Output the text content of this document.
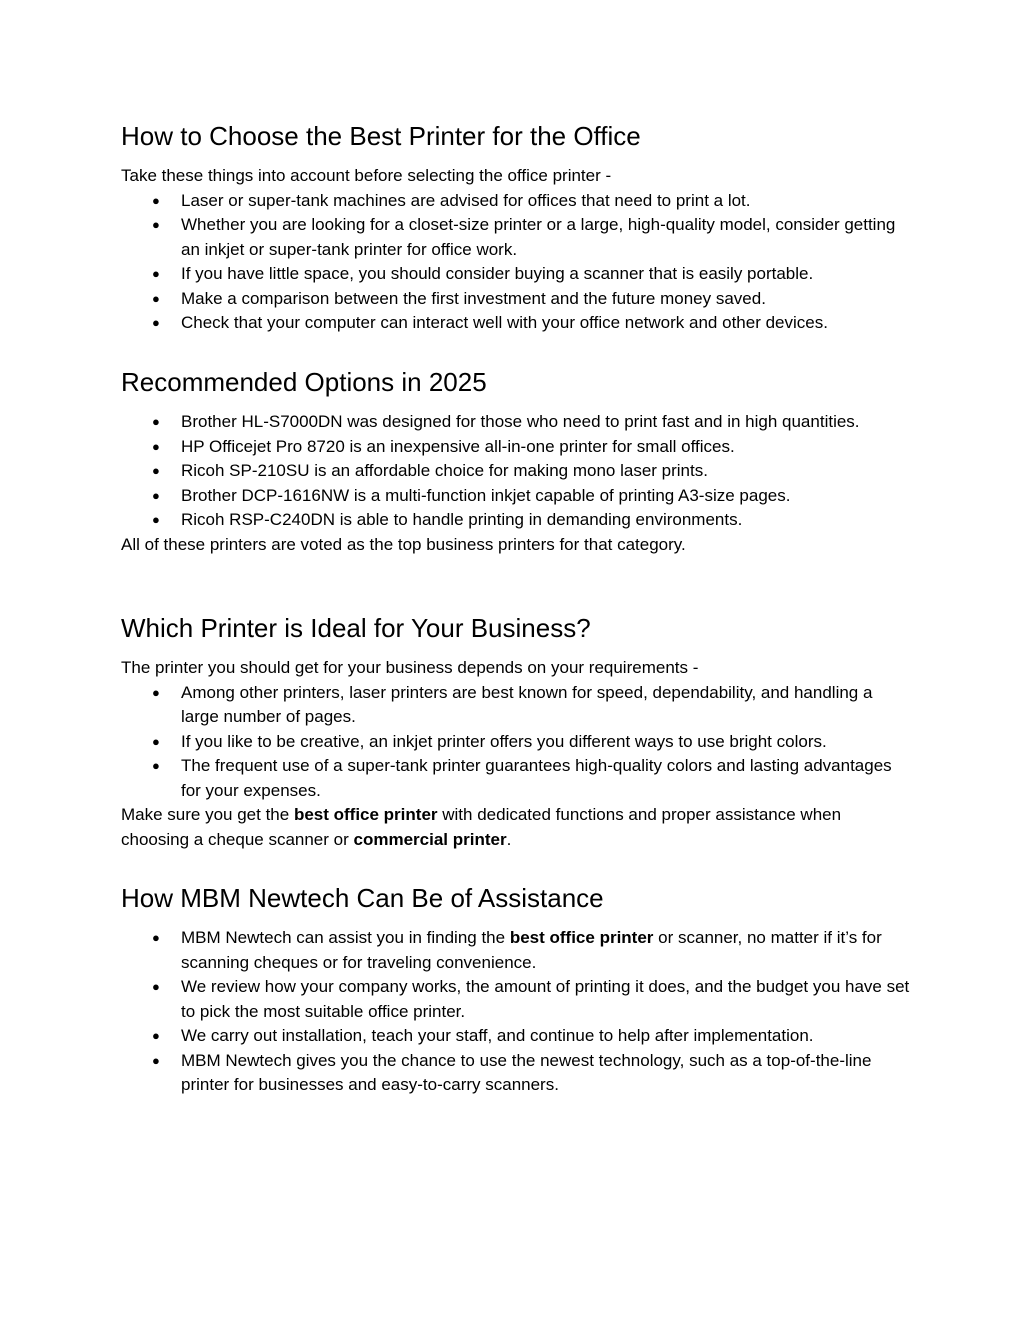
How to Choose the Best Printer for the Office

Take these things into account before selecting the office printer -

● Laser or super-tank machines are advised for offices that need to print a lot.
● Whether you are looking for a closet-size printer or a large, high-quality model, consider getting an inkjet or super-tank printer for office work.
● If you have little space, you should consider buying a scanner that is easily portable.
● Make a comparison between the first investment and the future money saved.
● Check that your computer can interact well with your office network and other devices.
Recommended Options in 2025
● Brother HL-S7000DN was designed for those who need to print fast and in high quantities.
● HP Officejet Pro 8720 is an inexpensive all-in-one printer for small offices.
● Ricoh SP-210SU is an affordable choice for making mono laser prints.
● Brother DCP-1616NW is a multi-function inkjet capable of printing A3-size pages.
● Ricoh RSP-C240DN is able to handle printing in demanding environments.

All of these printers are voted as the top business printers for that category.

Which Printer is Ideal for Your Business?

The printer you should get for your business depends on your requirements -

● Among other printers, laser printers are best known for speed, dependability, and handling a large number of pages.
● If you like to be creative, an inkjet printer offers you different ways to use bright colors.
● The frequent use of a super-tank printer guarantees high-quality colors and lasting advantages for your expenses.

Make sure you get the best office printer with dedicated functions and proper assistance when choosing a cheque scanner or commercial printer.

How MBM Newtech Can Be of Assistance
● MBM Newtech can assist you in finding the best office printer or scanner, no matter if it’s for scanning cheques or for traveling convenience.
● We review how your company works, the amount of printing it does, and the budget you have set to pick the most suitable office printer.
● We carry out installation, teach your staff, and continue to help after implementation.
● MBM Newtech gives you the chance to use the newest technology, such as a top-of-the-line printer for businesses and easy-to-carry scanners.
